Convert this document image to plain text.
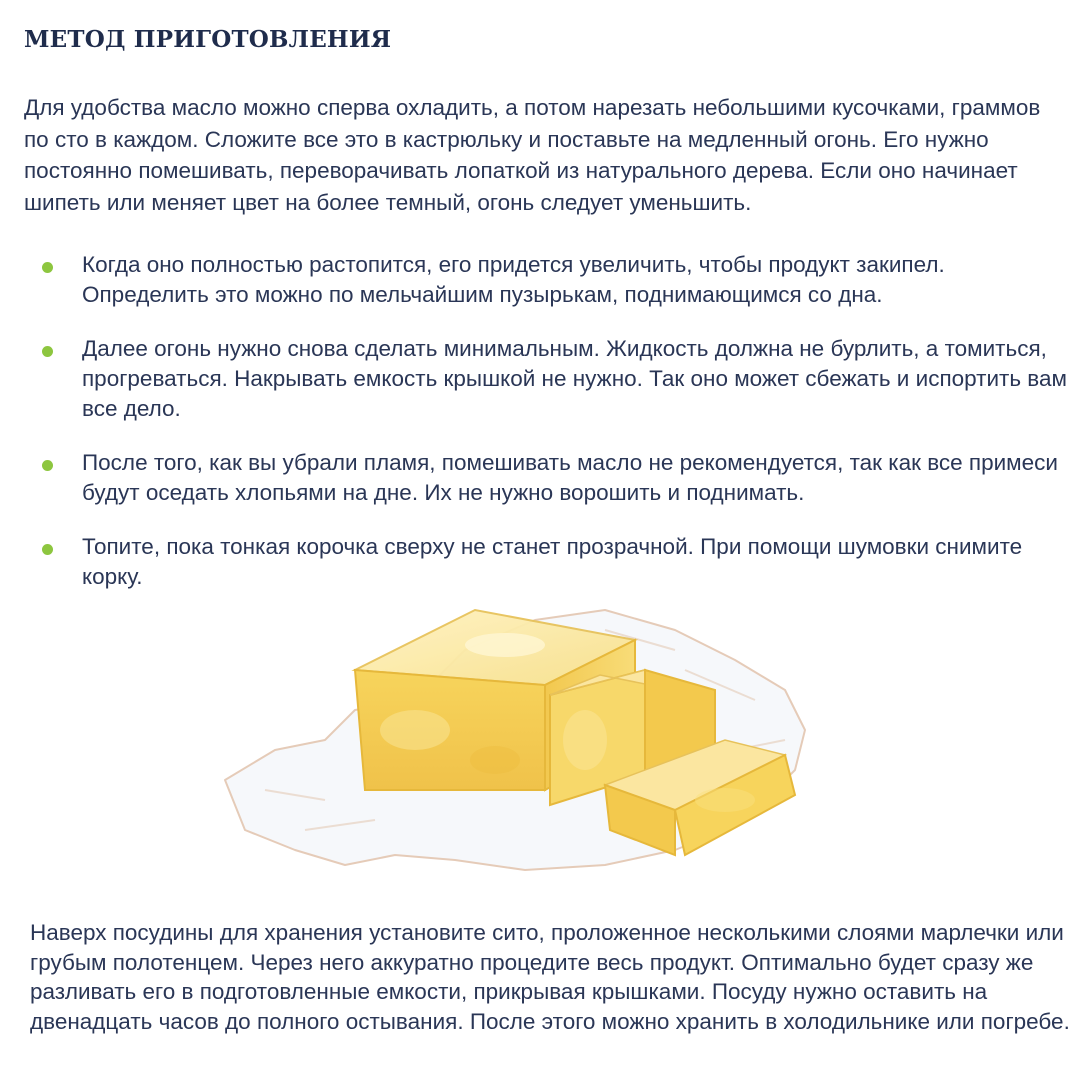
МЕТОД ПРИГОТОВЛЕНИЯ

Для удобства масло можно сперва охладить, а потом нарезать небольшими кусочками, граммов по сто в каждом. Сложите все это в кастрюльку и поставьте на медленный огонь. Его нужно постоянно помешивать, переворачивать лопаткой из натурального дерева. Если оно начинает шипеть или меняет цвет на более темный, огонь следует уменьшить.

Когда оно полностью растопится, его придется увеличить, чтобы продукт закипел. Определить это можно по мельчайшим пузырькам, поднимающимся со дна.
Далее огонь нужно снова сделать минимальным. Жидкость должна не бурлить, а томиться, прогреваться. Накрывать емкость крышкой не нужно. Так оно может сбежать и испортить вам все дело.
После того, как вы убрали пламя, помешивать масло не рекомендуется, так как все примеси будут оседать хлопьями на дне. Их не нужно ворошить и поднимать.
Топите, пока тонкая корочка сверху не станет прозрачной. При помощи шумовки снимите корку.

Наверх посудины для хранения установите сито, проложенное несколькими слоями марлечки или грубым полотенцем. Через него аккуратно процедите весь продукт. Оптимально будет сразу же разливать его в подготовленные емкости, прикрывая крышками. Посуду нужно оставить на двенадцать часов до полного остывания. После этого можно хранить в холодильнике или погребе.
